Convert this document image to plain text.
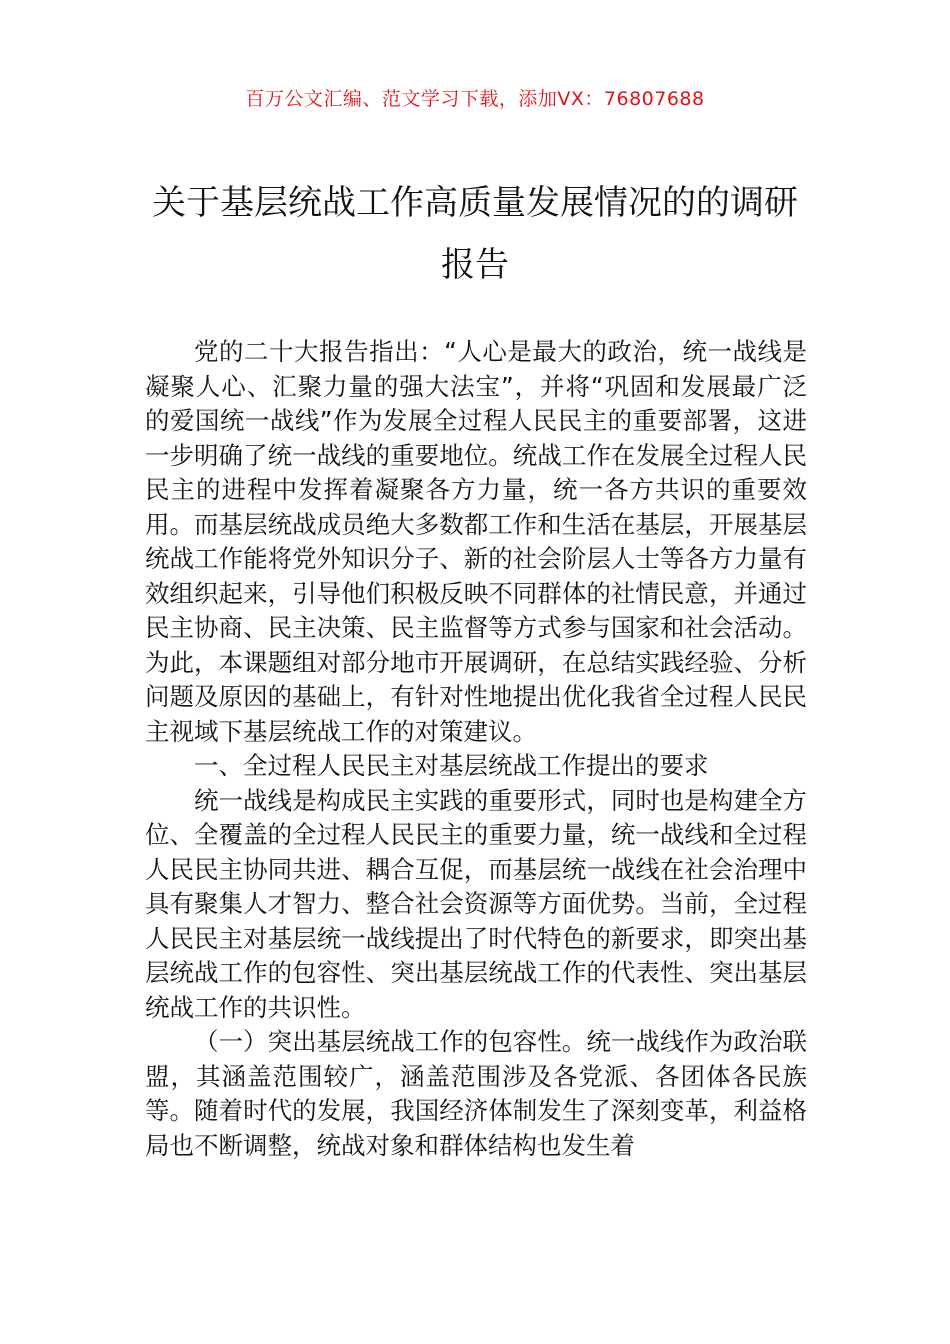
百万公文汇编、范文学习下载，添加VX：76807688
关于基层统战工作高质量发展情况的的调研报告

党的二十大报告指出：“人心是最大的政治，统一战线是凝聚人心、汇聚力量的强大法宝”，并将“巩固和发展最广泛的爱国统一战线”作为发展全过程人民民主的重要部署，这进一步明确了统一战线的重要地位。统战工作在发展全过程人民民主的进程中发挥着凝聚各方力量，统一各方共识的重要效用。而基层统战成员绝大多数都工作和生活在基层，开展基层统战工作能将党外知识分子、新的社会阶层人士等各方力量有效组织起来，引导他们积极反映不同群体的社情民意，并通过民主协商、民主决策、民主监督等方式参与国家和社会活动。为此，本课题组对部分地市开展调研，在总结实践经验、分析问题及原因的基础上，有针对性地提出优化我省全过程人民民主视域下基层统战工作的对策建议。

一、全过程人民民主对基层统战工作提出的要求

统一战线是构成民主实践的重要形式，同时也是构建全方位、全覆盖的全过程人民民主的重要力量，统一战线和全过程人民民主协同共进、耦合互促，而基层统一战线在社会治理中具有聚集人才智力、整合社会资源等方面优势。当前，全过程人民民主对基层统一战线提出了时代特色的新要求，即突出基层统战工作的包容性、突出基层统战工作的代表性、突出基层统战工作的共识性。

（一）突出基层统战工作的包容性。统一战线作为政治联盟，其涵盖范围较广，涵盖范围涉及各党派、各团体各民族等。随着时代的发展，我国经济体制发生了深刻变革，利益格局也不断调整，统战对象和群体结构也发生着
